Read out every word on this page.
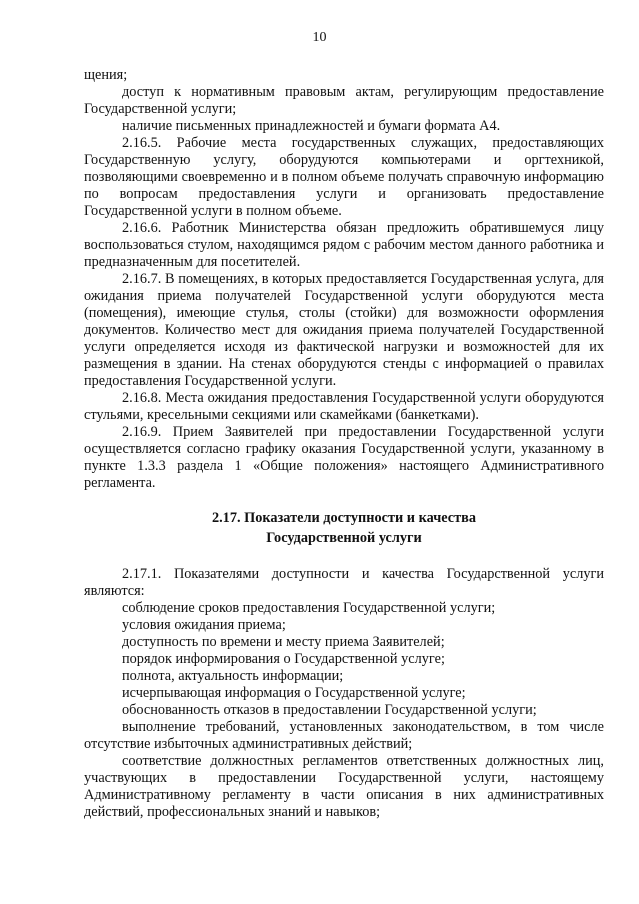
10

щения;

доступ к нормативным правовым актам, регулирующим предоставление Государственной услуги;

наличие письменных принадлежностей и бумаги формата А4.

2.16.5. Рабочие места государственных служащих, предоставляющих Государственную услугу, оборудуются компьютерами и оргтехникой, позволяющими своевременно и в полном объеме получать справочную информацию по вопросам предоставления услуги и организовать предоставление Государственной услуги в полном объеме.

2.16.6. Работник Министерства обязан предложить обратившемуся лицу воспользоваться стулом, находящимся рядом с рабочим местом данного работника и предназначенным для посетителей.

2.16.7. В помещениях, в которых предоставляется Государственная услуга, для ожидания приема получателей Государственной услуги оборудуются места (помещения), имеющие стулья, столы (стойки) для возможности оформления документов. Количество мест для ожидания приема получателей Государственной услуги определяется исходя из фактической нагрузки и возможностей для их размещения в здании. На стенах оборудуются стенды с информацией о правилах предоставления Государственной услуги.

2.16.8. Места ожидания предоставления Государственной услуги оборудуются стульями, кресельными секциями или скамейками (банкетками).

2.16.9. Прием Заявителей при предоставлении Государственной услуги осуществляется согласно графику оказания Государственной услуги, указанному в пункте 1.3.3 раздела 1 «Общие положения» настоящего Административного регламента.

2.17. Показатели доступности и качества

Государственной услуги

2.17.1. Показателями доступности и качества Государственной услуги являются:

соблюдение сроков предоставления Государственной услуги;

условия ожидания приема;

доступность по времени и месту приема Заявителей;

порядок информирования о Государственной услуге;

полнота, актуальность информации;

исчерпывающая информация о Государственной услуге;

обоснованность отказов в предоставлении Государственной услуги;

выполнение требований, установленных законодательством, в том числе отсутствие избыточных административных действий;

соответствие должностных регламентов ответственных должностных лиц, участвующих в предоставлении Государственной услуги, настоящему Административному регламенту в части описания в них административных действий, профессиональных знаний и навыков;
